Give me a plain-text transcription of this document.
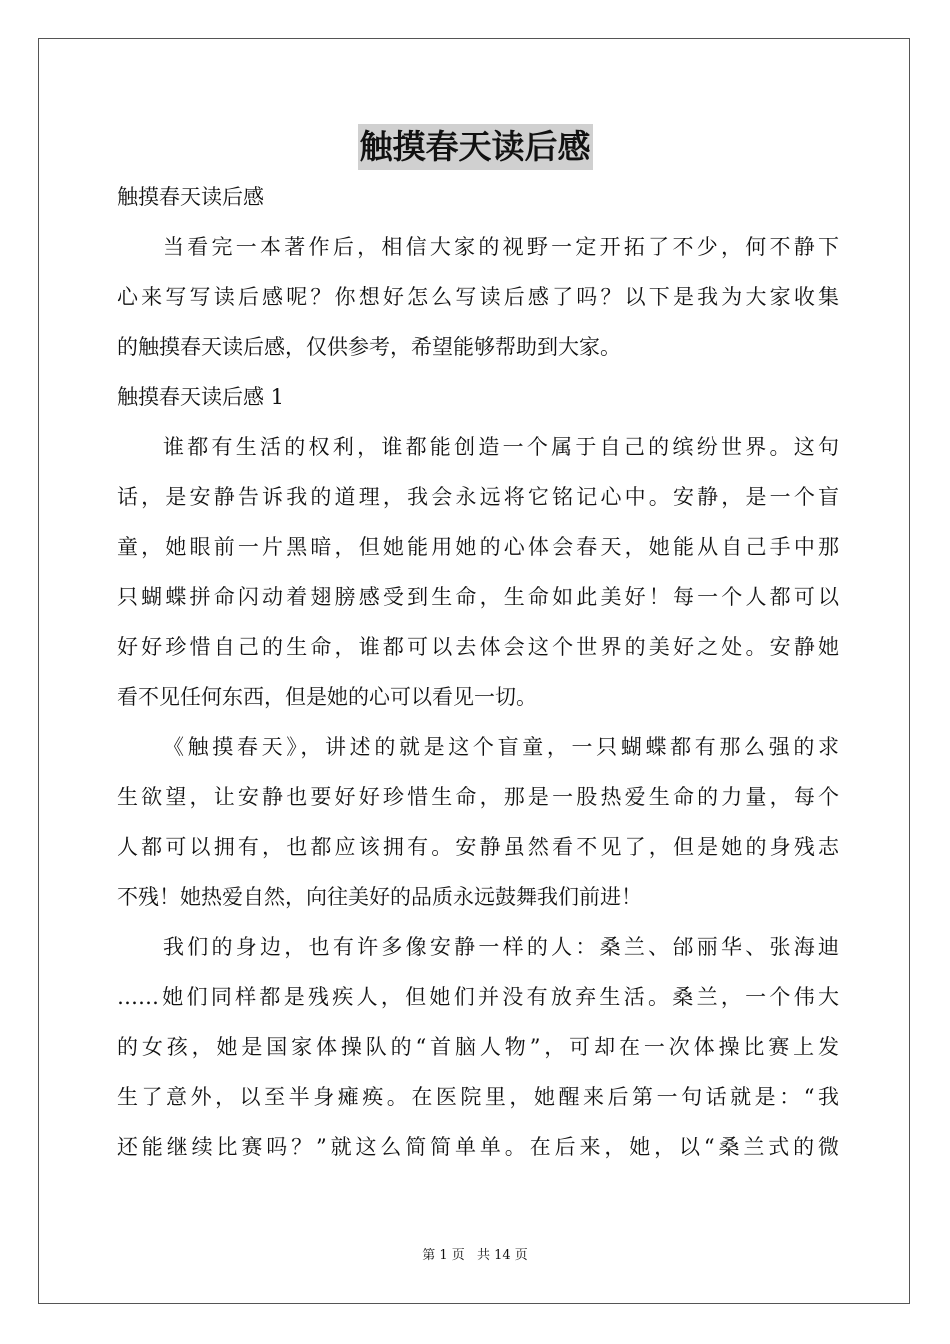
触摸春天读后感
触摸春天读后感
当看完一本著作后，相信大家的视野一定开拓了不少，何不静下
心来写写读后感呢？你想好怎么写读后感了吗？以下是我为大家收集
的触摸春天读后感，仅供参考，希望能够帮助到大家。
触摸春天读后感 1
谁都有生活的权利，谁都能创造一个属于自己的缤纷世界。这句
话，是安静告诉我的道理，我会永远将它铭记心中。安静，是一个盲
童，她眼前一片黑暗，但她能用她的心体会春天，她能从自己手中那
只蝴蝶拼命闪动着翅膀感受到生命，生命如此美好！每一个人都可以
好好珍惜自己的生命，谁都可以去体会这个世界的美好之处。安静她
看不见任何东西，但是她的心可以看见一切。
《触摸春天》，讲述的就是这个盲童，一只蝴蝶都有那么强的求
生欲望，让安静也要好好珍惜生命，那是一股热爱生命的力量，每个
人都可以拥有，也都应该拥有。安静虽然看不见了，但是她的身残志
不残！她热爱自然，向往美好的品质永远鼓舞我们前进！
我们的身边，也有许多像安静一样的人：桑兰、邰丽华、张海迪
……她们同样都是残疾人，但她们并没有放弃生活。桑兰，一个伟大
的女孩，她是国家体操队的“首脑人物”，可却在一次体操比赛上发
生了意外，以至半身瘫痪。在医院里，她醒来后第一句话就是：“我
还能继续比赛吗？”就这么简简单单。在后来，她，以“桑兰式的微
第 1 页 共 14 页
